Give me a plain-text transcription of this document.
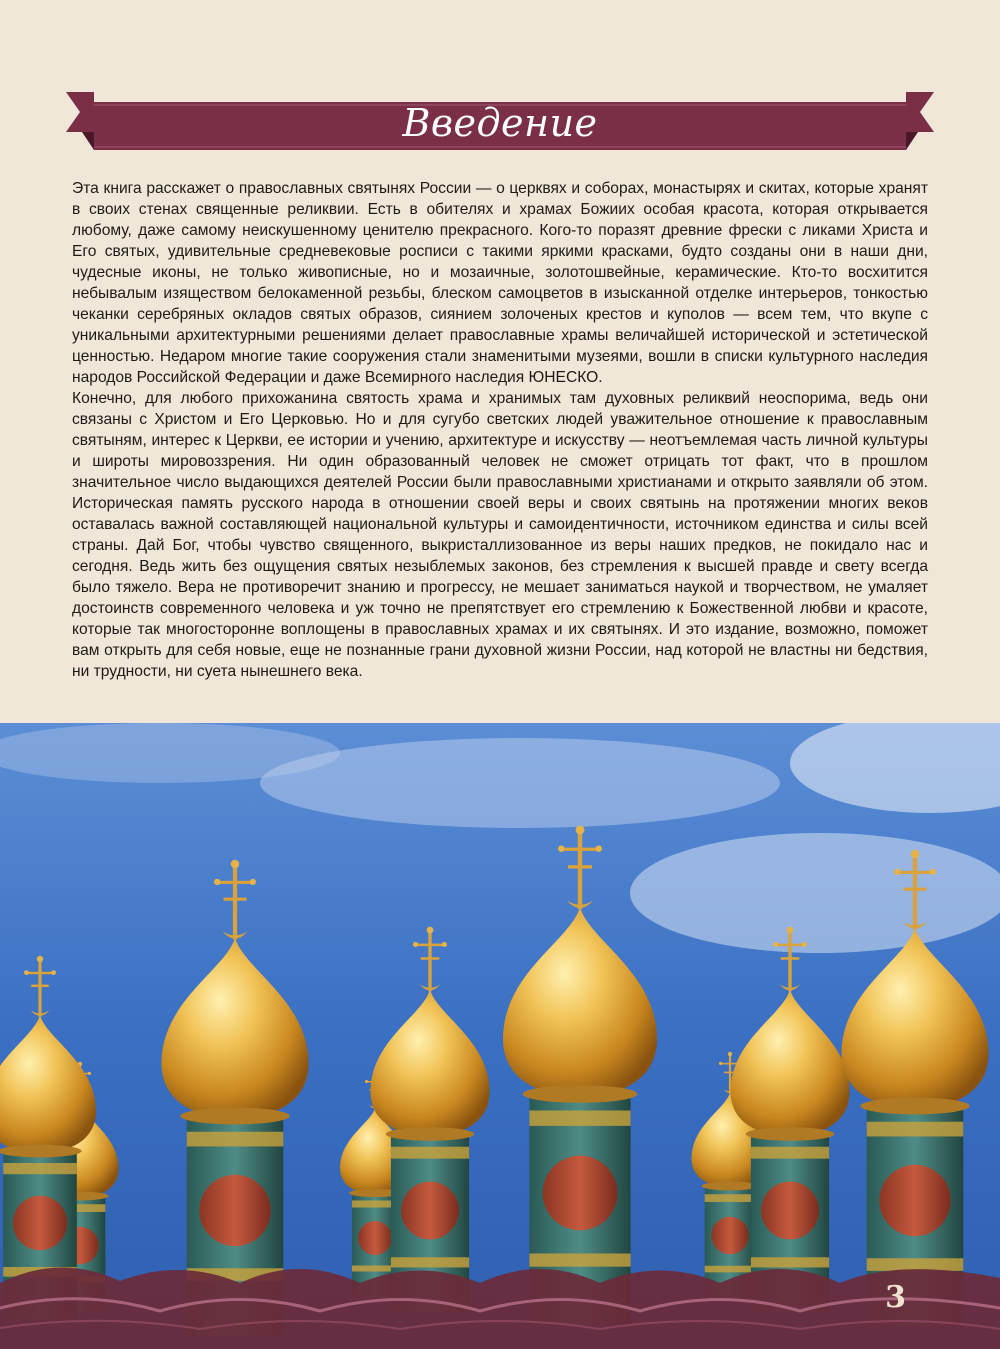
Введение

Эта книга расскажет о православных святынях России — о церквях и соборах, монастырях и скитах, которые хранят в своих стенах священные реликвии. Есть в обителях и храмах Божиих особая красота, которая открывается любому, даже самому неискушенному ценителю прекрасного. Кого-то поразят древние фрески с ликами Христа и Его святых, удивительные средневековые росписи с такими яркими красками, будто созданы они в наши дни, чудесные иконы, не только живописные, но и мозаичные, золотошвейные, керамические. Кто-то восхитится небывалым изяществом белокаменной резьбы, блеском самоцветов в изысканной отделке интерьеров, тонкостью чеканки серебряных окладов святых образов, сиянием золоченых крестов и куполов — всем тем, что вкупе с уникальными архитектурными решениями делает православные храмы величайшей исторической и эстетической ценностью. Недаром многие такие сооружения стали знаменитыми музеями, вошли в списки культурного наследия народов Российской Федерации и даже Всемирного наследия ЮНЕСКО.

Конечно, для любого прихожанина святость храма и хранимых там духовных реликвий неоспорима, ведь они связаны с Христом и Его Церковью. Но и для сугубо светских людей уважительное отношение к православным святыням, интерес к Церкви, ее истории и учению, архитектуре и искусству — неотъемлемая часть личной культуры и широты мировоззрения. Ни один образованный человек не сможет отрицать тот факт, что в прошлом значительное число выдающихся деятелей России были православными христианами и открыто заявляли об этом. Историческая память русского народа в отношении своей веры и своих святынь на протяжении многих веков оставалась важной составляющей национальной культуры и самоидентичности, источником единства и силы всей страны. Дай Бог, чтобы чувство священного, выкристаллизованное из веры наших предков, не покидало нас и сегодня. Ведь жить без ощущения святых незыблемых законов, без стремления к высшей правде и свету всегда было тяжело. Вера не противоречит знанию и прогрессу, не мешает заниматься наукой и творчеством, не умаляет достоинств современного человека и уж точно не препятствует его стремлению к Божественной любви и красоте, которые так многосторонне воплощены в православных храмах и их святынях. И это издание, возможно, поможет вам открыть для себя новые, еще не познанные грани духовной жизни России, над которой не властны ни бедствия, ни трудности, ни суета нынешнего века.

3
